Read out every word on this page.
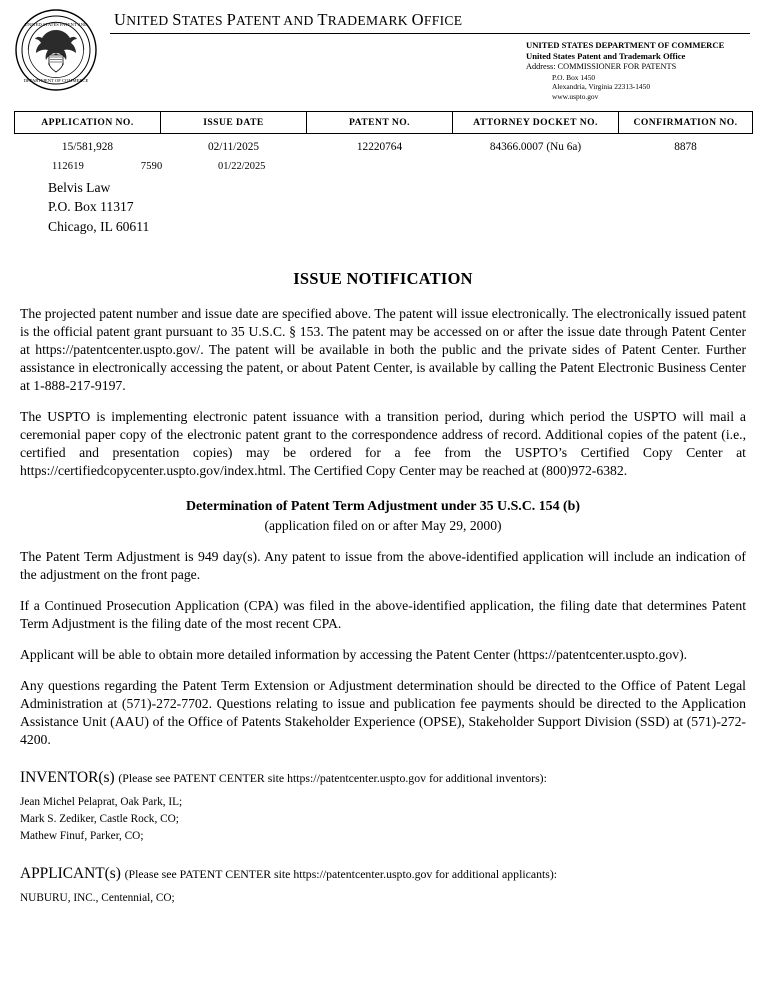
UNITED STATES PATENT AND
DEPARTMENT OF COMMERCE
UNITED STATES PATENT AND TRADEMARK OFFICE
UNITED STATES DEPARTMENT OF COMMERCE
United States Patent and Trademark Office
Address: COMMISSIONER FOR PATENTS
P.O. Box 1450
Alexandria, Virginia 22313-1450
www.uspto.gov
APPLICATION NO.	ISSUE DATE	PATENT NO.	ATTORNEY DOCKET NO.	CONFIRMATION NO.
15/581,928	02/11/2025	12220764	84366.0007 (Nu 6a)	8878
112619	7590	01/22/2025
Belvis Law
P.O. Box 11317
Chicago, IL 60611
ISSUE NOTIFICATION

The projected patent number and issue date are specified above. The patent will issue electronically. The electronically issued patent is the official patent grant pursuant to 35 U.S.C. § 153. The patent may be accessed on or after the issue date through Patent Center at https://patentcenter.uspto.gov/. The patent will be available in both the public and the private sides of Patent Center. Further assistance in electronically accessing the patent, or about Patent Center, is available by calling the Patent Electronic Business Center at 1-888-217-9197.

The USPTO is implementing electronic patent issuance with a transition period, during which period the USPTO will mail a ceremonial paper copy of the electronic patent grant to the correspondence address of record. Additional copies of the patent (i.e., certified and presentation copies) may be ordered for a fee from the USPTO’s Certified Copy Center at https://certifiedcopycenter.uspto.gov/index.html. The Certified Copy Center may be reached at (800)972-6382.

Determination of Patent Term Adjustment under 35 U.S.C. 154 (b)
(application filed on or after May 29, 2000)

The Patent Term Adjustment is 949 day(s). Any patent to issue from the above-identified application will include an indication of the adjustment on the front page.

If a Continued Prosecution Application (CPA) was filed in the above-identified application, the filing date that determines Patent Term Adjustment is the filing date of the most recent CPA.

Applicant will be able to obtain more detailed information by accessing the Patent Center (https://patentcenter.uspto.gov).

Any questions regarding the Patent Term Extension or Adjustment determination should be directed to the Office of Patent Legal Administration at (571)-272-7702. Questions relating to issue and publication fee payments should be directed to the Application Assistance Unit (AAU) of the Office of Patents Stakeholder Experience (OPSE), Stakeholder Support Division (SSD) at (571)-272-4200.

INVENTOR(s) (Please see PATENT CENTER site https://patentcenter.uspto.gov for additional inventors):
Jean Michel Pelaprat, Oak Park, IL;
Mark S. Zediker, Castle Rock, CO;
Mathew Finuf, Parker, CO;
APPLICANT(s) (Please see PATENT CENTER site https://patentcenter.uspto.gov for additional applicants):
NUBURU, INC., Centennial, CO;
